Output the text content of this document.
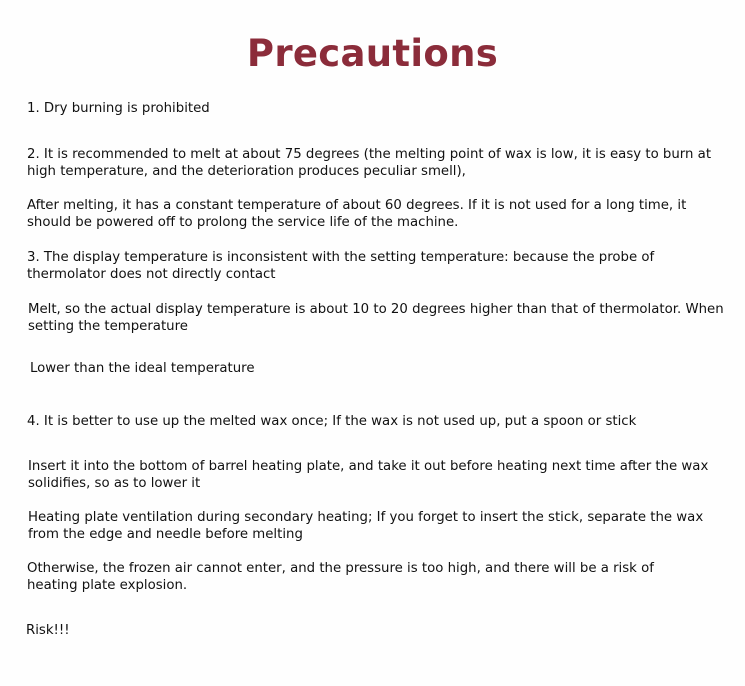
Precautions

1. Dry burning is prohibited

2. It is recommended to melt at about 75 degrees (the melting point of wax is low, it is easy to burn at high temperature, and the deterioration produces peculiar smell),

After melting, it has a constant temperature of about 60 degrees. If it is not used for a long time, it should be powered off to prolong the service life of the machine.

3. The display temperature is inconsistent with the setting temperature: because the probe of thermolator does not directly contact

Melt, so the actual display temperature is about 10 to 20 degrees higher than that of thermolator. When setting the temperature

Lower than the ideal temperature

4. It is better to use up the melted wax once; If the wax is not used up, put a spoon or stick

Insert it into the bottom of barrel heating plate, and take it out before heating next time after the wax solidifies, so as to lower it

Heating plate ventilation during secondary heating; If you forget to insert the stick, separate the wax from the edge and needle before melting

Otherwise, the frozen air cannot enter, and the pressure is too high, and there will be a risk of heating plate explosion.

Risk!!!
